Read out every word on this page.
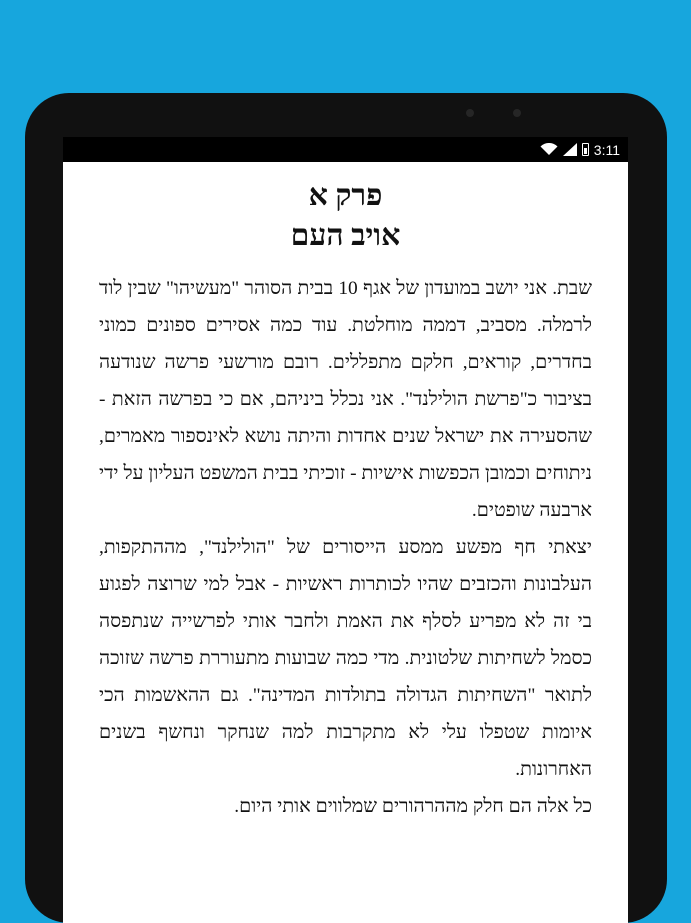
3:11
פרק א
אויב העם

שבת. אני יושב במועדון של אגף 10 בבית הסוהר "מעשיהו" שבין לוד לרמלה. מסביב, דממה מוחלטת. עוד כמה אסירים ספונים כמוני בחדרים, קוראים, חלקם מתפללים. רובם מורשעי פרשה שנודעה בציבור כ"פרשת הולילנד". אני נכלל ביניהם, אם כי בפרשה הזאת - שהסעירה את ישראל שנים אחדות והיתה נושא לאינספור מאמרים, ניתוחים וכמובן הכפשות אישיות - זוכיתי בבית המשפט העליון על ידי ארבעה שופטים.

יצאתי חף מפשע ממסע הייסורים של "הולילנד", מההתקפות, העלבונות והכזבים שהיו לכותרות ראשיות - אבל למי שרוצה לפגוע בי זה לא מפריע לסלף את האמת ולחבר אותי לפרשייה שנתפסה כסמל לשחיתות שלטונית. מדי כמה שבועות מתעוררת פרשה שזוכה לתואר "השחיתות הגדולה בתולדות המדינה". גם ההאשמות הכי איומות שטפלו עלי לא מתקרבות למה שנחקר ונחשף בשנים האחרונות.

כל אלה הם חלק מההרהורים שמלווים אותי היום.
